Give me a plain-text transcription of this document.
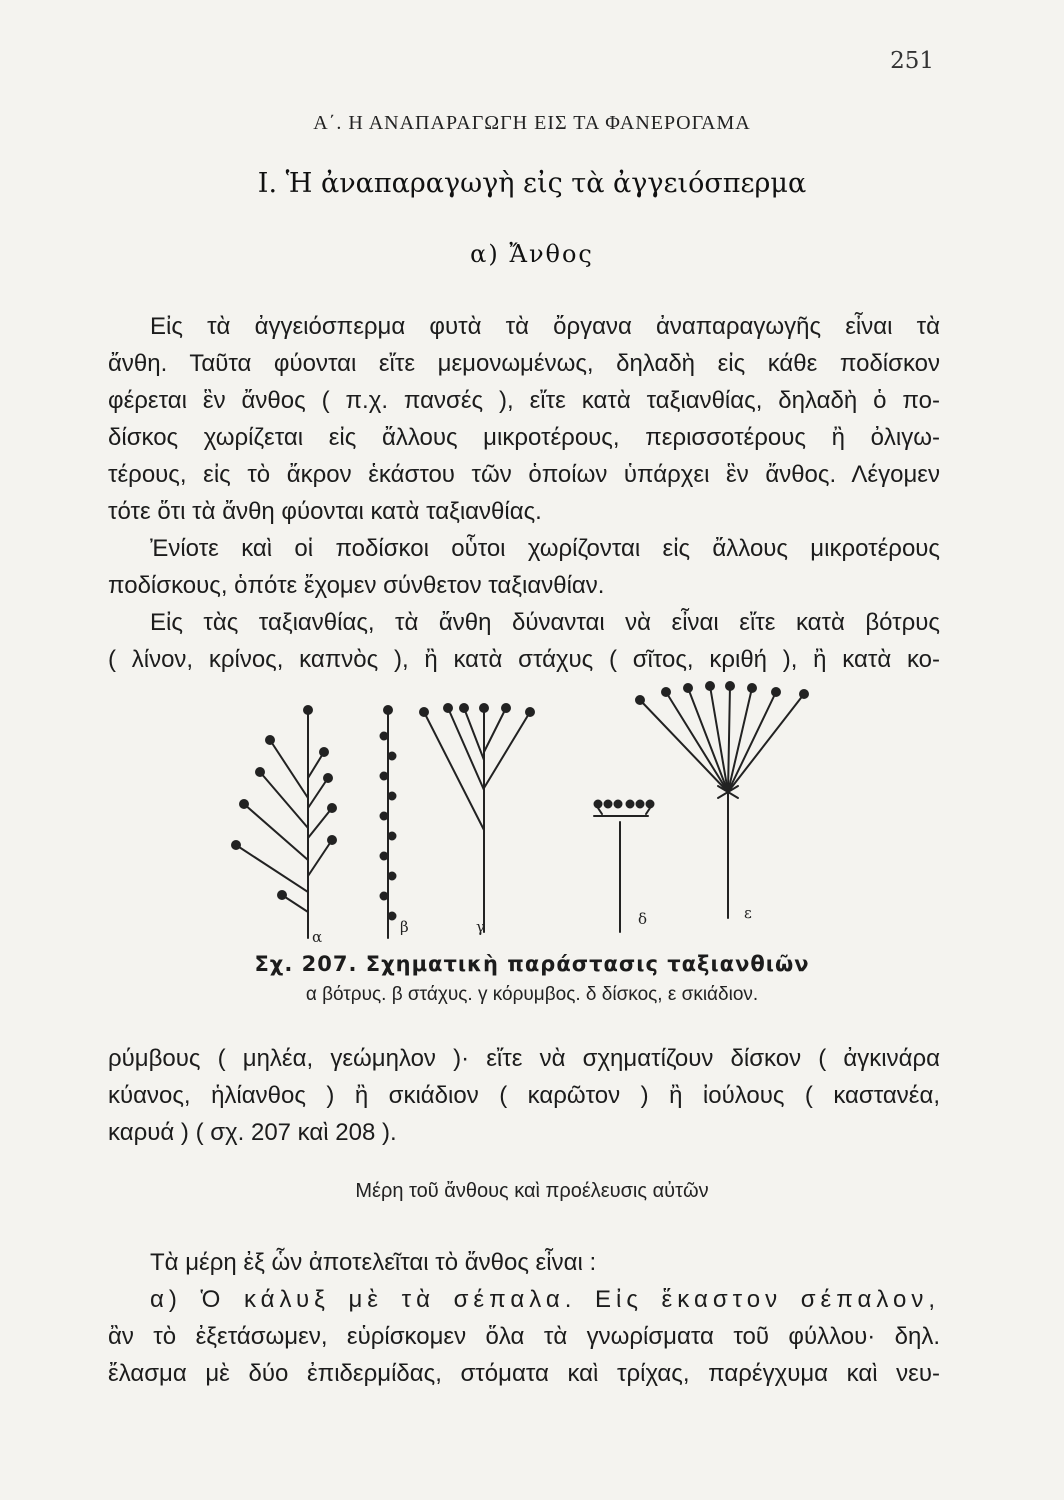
251
Α΄. Η ΑΝΑΠΑΡΑΓΩΓΗ ΕΙΣ ΤΑ ΦΑΝΕΡΟΓΑΜΑ
I. Ἡ ἀναπαραγωγὴ εἰς τὰ ἀγγειόσπερμα
α) Ἄνθος
Εἰς τὰ ἀγγειόσπερμα φυτὰ τὰ ὄργανα ἀναπαραγωγῆς εἶναι τὰ
ἄνθη. Ταῦτα φύονται εἴτε μεμονωμένως, δηλαδὴ εἰς κάθε ποδίσκον
φέρεται ἓν ἄνθος ( π.χ. πανσές ), εἴτε κατὰ ταξιανθίας, δηλαδὴ ὁ πο-
δίσκος χωρίζεται εἰς ἄλλους μικροτέρους, περισσοτέρους ἢ ὀλιγω-
τέρους, εἰς τὸ ἄκρον ἑκάστου τῶν ὁποίων ὑπάρχει ἓν ἄνθος. Λέγομεν
τότε ὅτι τὰ ἄνθη φύονται κατὰ ταξιανθίας.
Ἐνίοτε καὶ οἱ ποδίσκοι οὗτοι χωρίζονται εἰς ἄλλους μικροτέρους
ποδίσκους, ὁπότε ἔχομεν σύνθετον ταξιανθίαν.
Εἰς τὰς ταξιανθίας, τὰ ἄνθη δύνανται νὰ εἶναι εἴτε κατὰ βότρυς
( λίνον, κρίνος, καπνὸς ), ἢ κατὰ στάχυς ( σῖτος, κριθή ), ἢ κατὰ κο-
α
β	γ	δ	ε
Σχ. 207. Σχηματικὴ παράστασις ταξιανθιῶν
α βότρυς. β στάχυς. γ κόρυμβος. δ δίσκος, ε σκιάδιον.
ρύμβους ( μηλέα, γεώμηλον )· εἴτε νὰ σχηματίζουν δίσκον ( ἀγκινάρα
κύανος, ἡλίανθος ) ἢ σκιάδιον ( καρῶτον ) ἢ ἰούλους ( καστανέα,
καρυά ) ( σχ. 207 καὶ 208 ).
Μέρη τοῦ ἄνθους καὶ προέλευσις αὐτῶν
Τὰ μέρη ἐξ ὧν ἀποτελεῖται τὸ ἄνθος εἶναι :
α) Ὁ κάλυξ μὲ τὰ σέπαλα. Εἰς ἕκαστον σέπαλον,
ἂν τὸ ἐξετάσωμεν, εὑρίσκομεν ὅλα τὰ γνωρίσματα τοῦ φύλλου· δηλ.
ἔλασμα μὲ δύο ἐπιδερμίδας, στόματα καὶ τρίχας, παρέγχυμα καὶ νευ-
